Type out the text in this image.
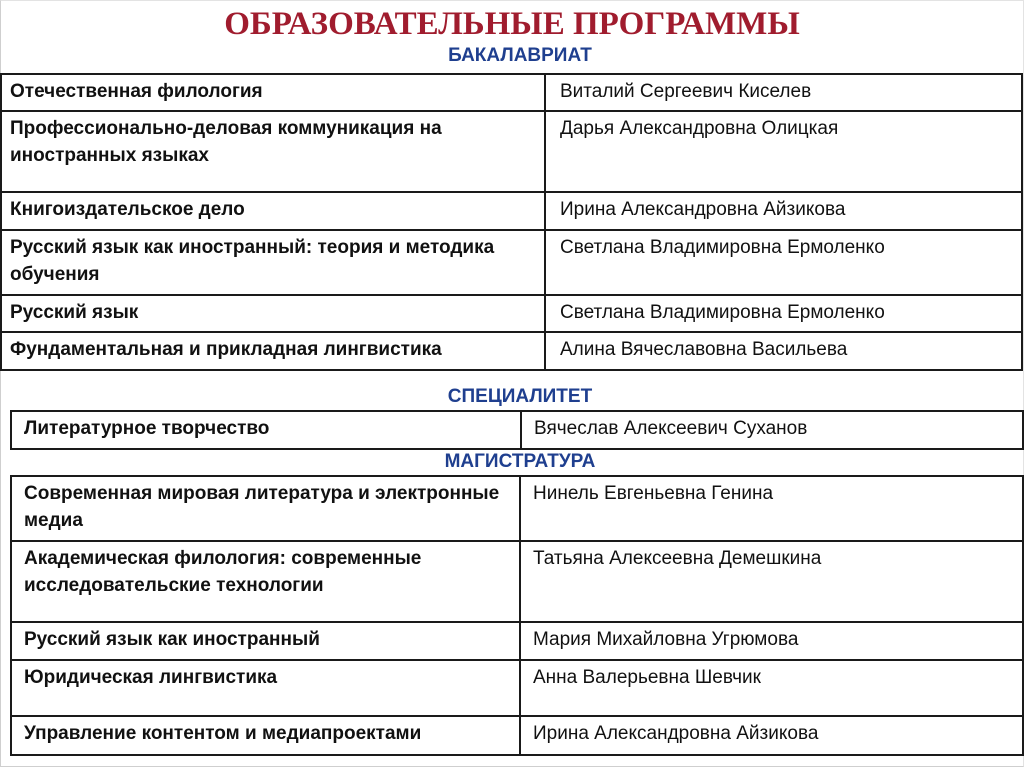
ОБРАЗОВАТЕЛЬНЫЕ ПРОГРАММЫ
БАКАЛАВРИАТ
Отечественная филология	Виталий Сергеевич Киселев
Профессионально-деловая коммуникация на иностранных языках	Дарья Александровна Олицкая
Книгоиздательское дело	Ирина Александровна Айзикова
Русский язык как иностранный: теория и методика обучения	Светлана Владимировна Ермоленко
Русский язык	Светлана Владимировна Ермоленко
Фундаментальная и прикладная лингвистика	Алина Вячеславовна Васильева
СПЕЦИАЛИТЕТ
Литературное творчество	Вячеслав Алексеевич Суханов
МАГИСТРАТУРА
Современная мировая литература и электронные медиа	Нинель Евгеньевна Генина
Академическая филология: современные исследовательские технологии	Татьяна Алексеевна Демешкина
Русский язык как иностранный	Мария Михайловна Угрюмова
Юридическая лингвистика	Анна Валерьевна Шевчик
Управление контентом и медиапроектами	Ирина Александровна Айзикова
